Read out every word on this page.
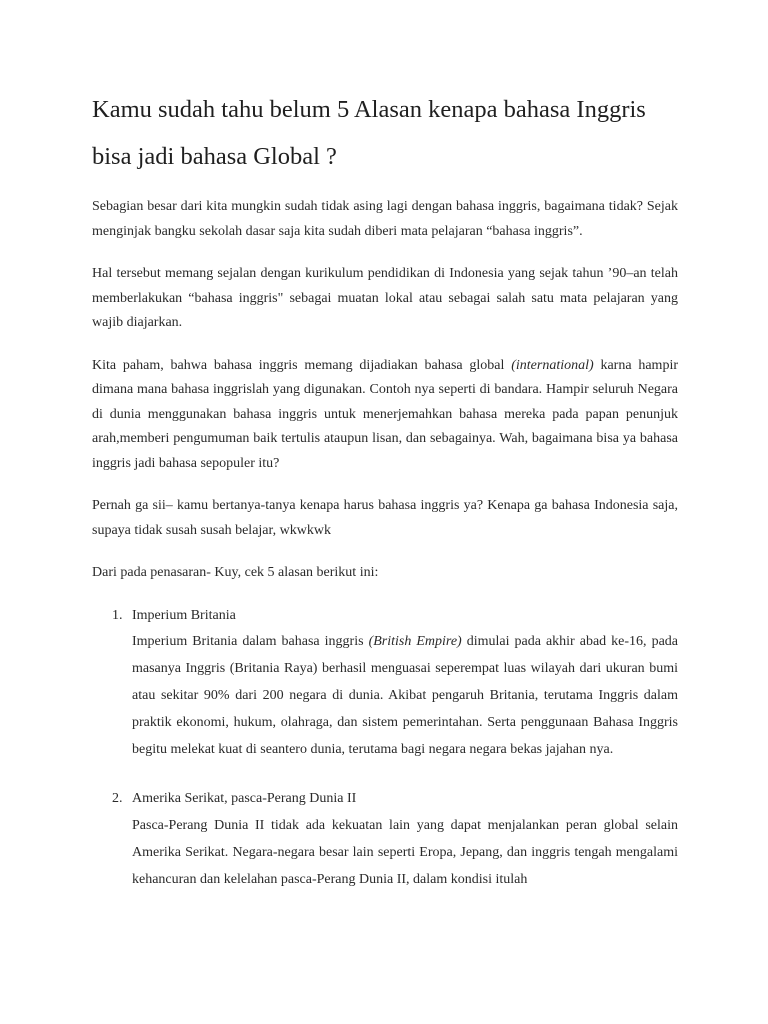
Kamu sudah tahu belum 5 Alasan kenapa bahasa Inggris bisa jadi bahasa Global ?

Sebagian besar dari kita mungkin sudah tidak asing lagi dengan bahasa inggris, bagaimana tidak? Sejak menginjak bangku sekolah dasar saja kita sudah diberi mata pelajaran “bahasa inggris”.

Hal tersebut memang sejalan dengan kurikulum pendidikan di Indonesia yang sejak tahun ’90–an telah memberlakukan “bahasa inggris" sebagai muatan lokal atau sebagai salah satu mata pelajaran yang wajib diajarkan.

Kita paham, bahwa bahasa inggris memang dijadiakan bahasa global (international) karna hampir dimana mana bahasa inggrislah yang digunakan. Contoh nya seperti di bandara. Hampir seluruh Negara di dunia menggunakan bahasa inggris untuk menerjemahkan bahasa mereka pada papan penunjuk arah,memberi pengumuman baik tertulis ataupun lisan, dan sebagainya. Wah, bagaimana bisa ya bahasa inggris jadi bahasa sepopuler itu?

Pernah ga sii– kamu bertanya-tanya kenapa harus bahasa inggris ya? Kenapa ga bahasa Indonesia saja, supaya tidak susah susah belajar, wkwkwk

Dari pada penasaran- Kuy, cek 5 alasan berikut ini:

1. Imperium Britania
Imperium Britania dalam bahasa inggris (British Empire) dimulai pada akhir abad ke-16, pada masanya Inggris (Britania Raya) berhasil menguasai seperempat luas wilayah dari ukuran bumi atau sekitar 90% dari 200 negara di dunia. Akibat pengaruh Britania, terutama Inggris dalam praktik ekonomi, hukum, olahraga, dan sistem pemerintahan. Serta penggunaan Bahasa Inggris begitu melekat kuat di seantero dunia, terutama bagi negara negara bekas jajahan nya.
2. Amerika Serikat, pasca-Perang Dunia II
Pasca-Perang Dunia II tidak ada kekuatan lain yang dapat menjalankan peran global selain Amerika Serikat. Negara-negara besar lain seperti Eropa, Jepang, dan inggris tengah mengalami kehancuran dan kelelahan pasca-Perang Dunia II, dalam kondisi itulah
